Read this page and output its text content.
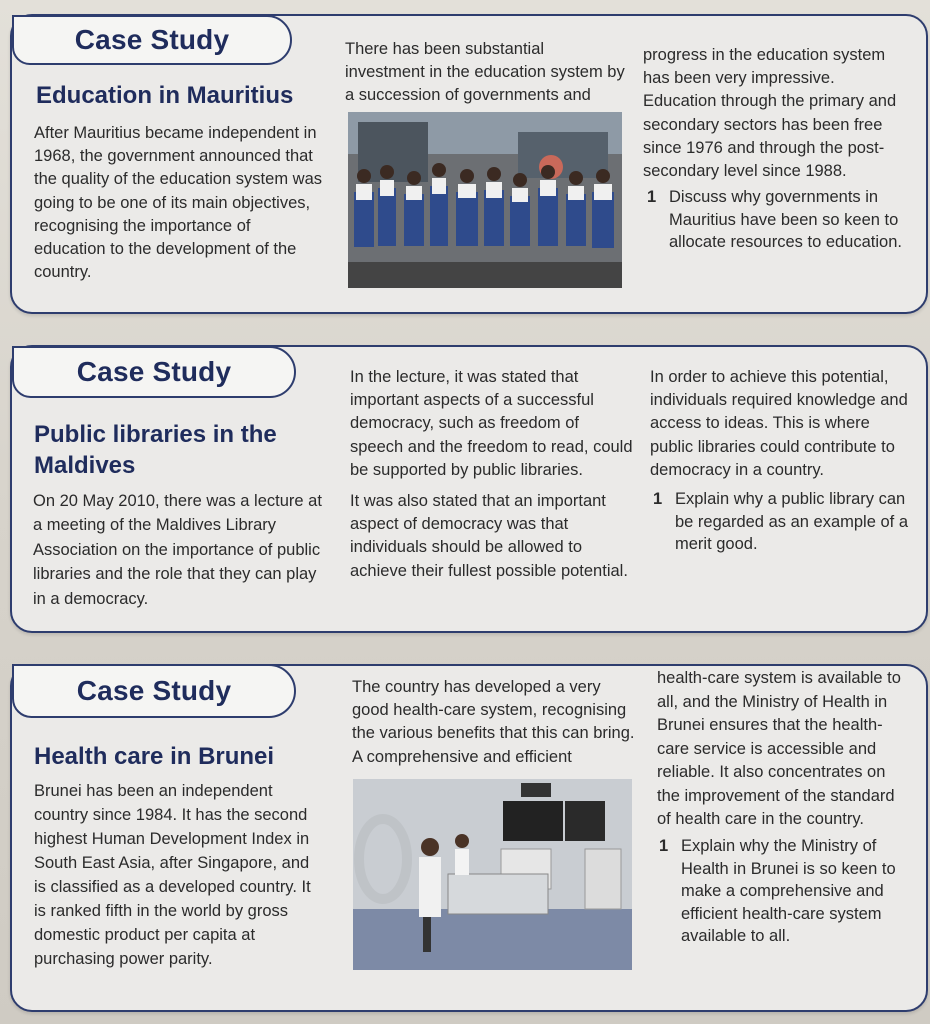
Case Study
Education in Mauritius

After Mauritius became independent in 1968, the government announced that the quality of the education system was going to be one of its main objectives, recognising the importance of education to the development of the country.

There has been substantial investment in the education system by a succession of governments and

progress in the education system has been very impressive. Education through the primary and secondary sectors has been free since 1976 and through the post-secondary level since 1988.

1 Discuss why governments in Mauritius have been so keen to allocate resources to education.
Case Study
Public libraries in the Maldives

On 20 May 2010, there was a lecture at a meeting of the Maldives Library Association on the importance of public libraries and the role that they can play in a democracy.

In the lecture, it was stated that important aspects of a successful democracy, such as freedom of speech and the freedom to read, could be supported by public libraries.

It was also stated that an important aspect of democracy was that individuals should be allowed to achieve their fullest possible potential.

In order to achieve this potential, individuals required knowledge and access to ideas. This is where public libraries could contribute to democracy in a country.

1 Explain why a public library can be regarded as an example of a merit good.
Case Study
Health care in Brunei

Brunei has been an independent country since 1984. It has the second highest Human Development Index in South East Asia, after Singapore, and is classified as a developed country. It is ranked fifth in the world by gross domestic product per capita at purchasing power parity.

The country has developed a very good health-care system, recognising the various benefits that this can bring. A comprehensive and efficient

health-care system is available to all, and the Ministry of Health in Brunei ensures that the health-care service is accessible and reliable. It also concentrates on the improvement of the standard of health care in the country.

1 Explain why the Ministry of Health in Brunei is so keen to make a comprehensive and efficient health-care system available to all.
